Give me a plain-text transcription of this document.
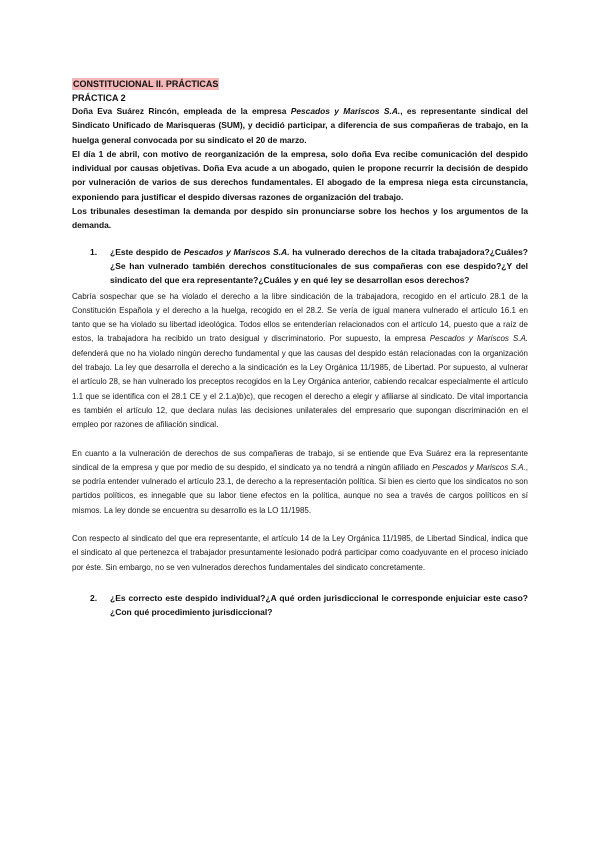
CONSTITUCIONAL II. PRÁCTICAS
PRÁCTICA 2

Doña Eva Suárez Rincón, empleada de la empresa Pescados y Mariscos S.A., es representante sindical del Sindicato Unificado de Marisqueras (SUM), y decidió participar, a diferencia de sus compañeras de trabajo, en la huelga general convocada por su sindicato el 20 de marzo.

El día 1 de abril, con motivo de reorganización de la empresa, solo doña Eva recibe comunicación del despido individual por causas objetivas. Doña Eva acude a un abogado, quien le propone recurrir la decisión de despido por vulneración de varios de sus derechos fundamentales. El abogado de la empresa niega esta circunstancia, exponiendo para justificar el despido diversas razones de organización del trabajo.

Los tribunales desestiman la demanda por despido sin pronunciarse sobre los hechos y los argumentos de la demanda.

1.	¿Este despido de Pescados y Mariscos S.A. ha vulnerado derechos de la citada trabajadora?¿Cuáles?¿Se han vulnerado también derechos constitucionales de sus compañeras con ese despido?¿Y del sindicato del que era representante?¿Cuáles y en qué ley se desarrollan esos derechos?

Cabría sospechar que se ha violado el derecho a la libre sindicación de la trabajadora, recogido en el artículo 28.1 de la Constitución Española y el derecho a la huelga, recogido en el 28.2. Se vería de igual manera vulnerado el artículo 16.1 en tanto que se ha violado su libertad ideológica. Todos ellos se entenderían relacionados con el artículo 14, puesto que a raíz de estos, la trabajadora ha recibido un trato desigual y discriminatorio. Por supuesto, la empresa Pescados y Mariscos S.A. defenderá que no ha violado ningún derecho fundamental y que las causas del despido están relacionadas con la organización del trabajo. La ley que desarrolla el derecho a la sindicación es la Ley Orgánica 11/1985, de Libertad. Por supuesto, al vulnerar el artículo 28, se han vulnerado los preceptos recogidos en la Ley Orgánica anterior, cabiendo recalcar especialmente el artículo 1.1 que se identifica con el 28.1 CE y el 2.1.a)b)c), que recogen el derecho a elegir y afiliarse al sindicato. De vital importancia es también el artículo 12, que declara nulas las decisiones unilaterales del empresario que supongan discriminación en el empleo por razones de afiliación sindical.

En cuanto a la vulneración de derechos de sus compañeras de trabajo, si se entiende que Eva Suárez era la representante sindical de la empresa y que por medio de su despido, el sindicato ya no tendrá a ningún afiliado en Pescados y Mariscos S.A., se podría entender vulnerado el artículo 23.1, de derecho a la representación política. Si bien es cierto que los sindicatos no son partidos políticos, es innegable que su labor tiene efectos en la política, aunque no sea a través de cargos políticos en sí mismos. La ley donde se encuentra su desarrollo es la LO 11/1985.

Con respecto al sindicato del que era representante, el artículo 14 de la Ley Orgánica 11/1985, de Libertad Sindical, indica que el sindicato al que pertenezca el trabajador presuntamente lesionado podrá participar como coadyuvante en el proceso iniciado por éste. Sin embargo, no se ven vulnerados derechos fundamentales del sindicato concretamente.

2.	¿Es correcto este despido individual?¿A qué orden jurisdiccional le corresponde enjuiciar este caso?¿Con qué procedimiento jurisdiccional?
